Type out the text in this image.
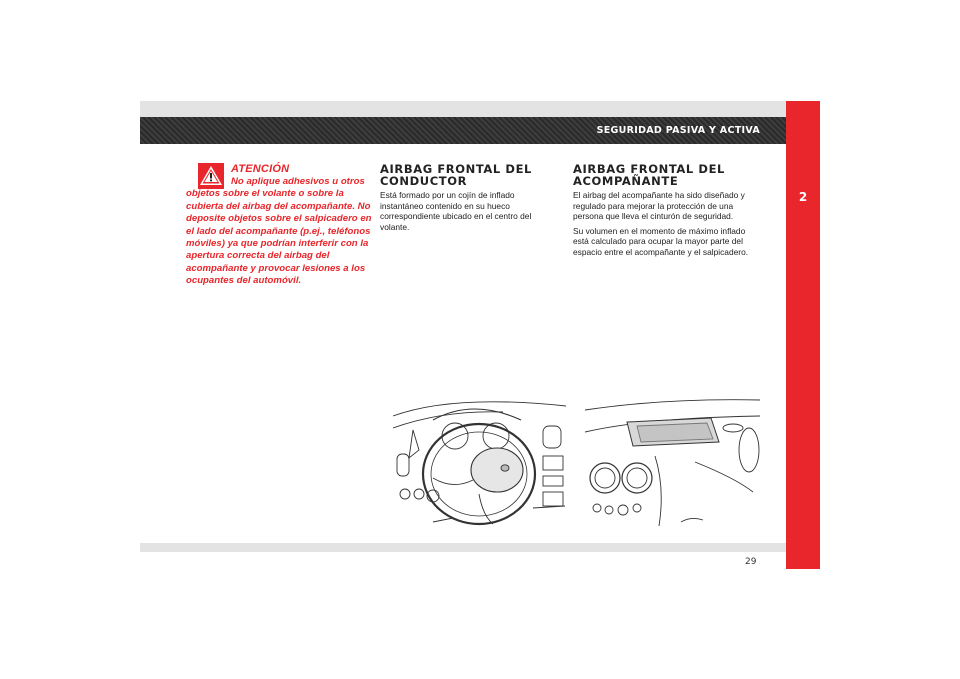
SEGURIDAD PASIVA Y ACTIVA
2
ATENCIÓN

No aplique adhesivos u otros objetos sobre el volante o sobre la cubierta del airbag del acompañante. No deposite objetos sobre el salpicadero en el lado del acompañante (p.ej., teléfonos móviles) ya que podrían interferir con la apertura correcta del airbag del acompañante y provocar lesiones a los ocupantes del automóvil.

AIRBAG FRONTAL DEL
CONDUCTOR

Está formado por un cojín de inflado instantáneo contenido en su hueco correspondiente ubicado en el centro del volante.

AIRBAG FRONTAL DEL
ACOMPAÑANTE

El airbag del acompañante ha sido diseñado y regulado para mejorar la protección de una persona que lleva el cinturón de seguridad.

Su volumen en el momento de máximo inflado está calculado para ocupar la mayor parte del espacio entre el acompañante y el salpicadero.

29
